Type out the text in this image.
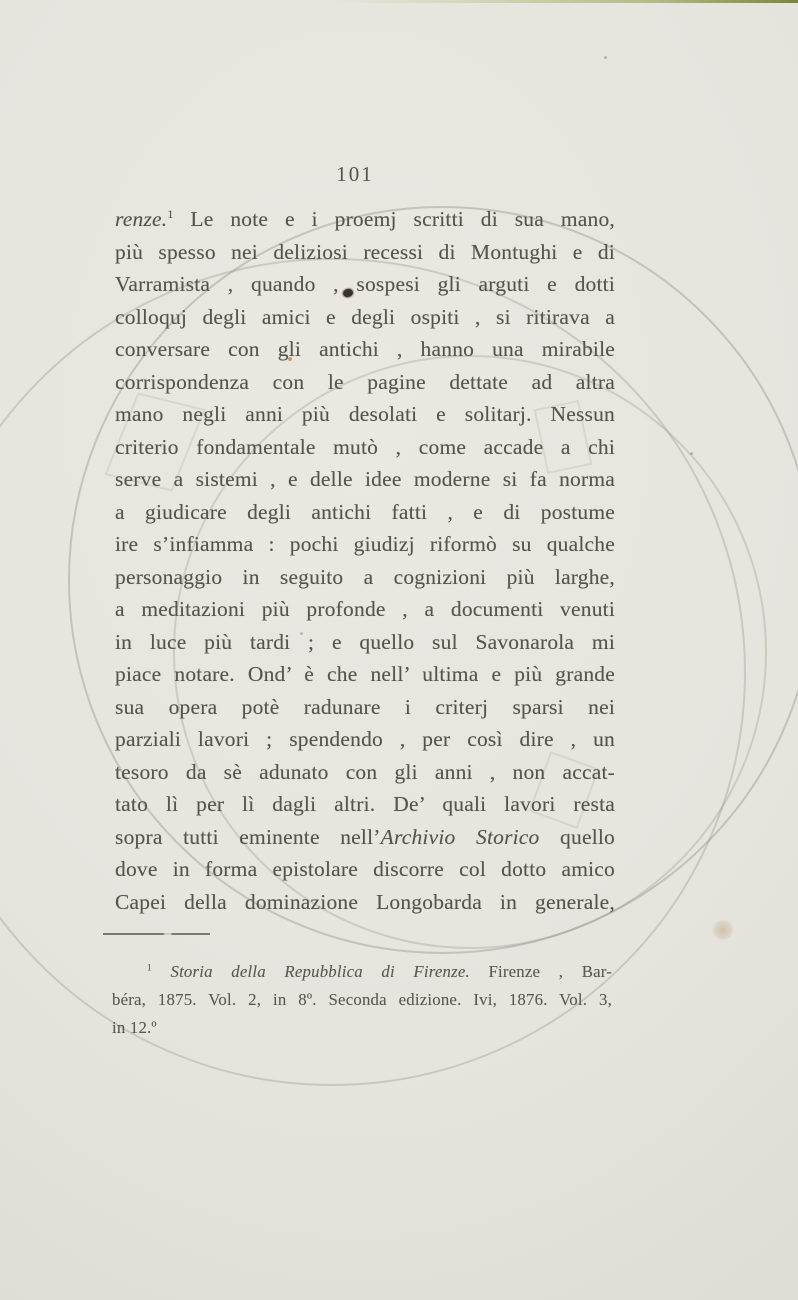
101
renze.$^1$ Le note e i proemj scritti di sua mano,
più spesso nei deliziosi recessi di Montughi e di
Varramista , quando , sospesi gli arguti e dotti
colloquj degli amici e degli ospiti , si ritirava a
conversare con gli antichi , hanno una mirabile
corrispondenza con le pagine dettate ad altra
mano negli anni più desolati e solitarj. Nessun
criterio fondamentale mutò , come accade a chi
serve a sistemi , e delle idee moderne si fa norma
a giudicare degli antichi fatti , e di postume
ire s’infiamma : pochi giudizj riformò su qualche
personaggio in seguito a cognizioni più larghe,
a meditazioni più profonde , a documenti venuti
in luce più tardi ; e quello sul Savonarola mi
piace notare. Ond’ è che nell’ ultima e più grande
sua opera potè radunare i criterj sparsi nei
parziali lavori ; spendendo , per così dire , un
tesoro da sè adunato con gli anni , non accat-
tato lì per lì dagli altri. De’ quali lavori resta
sopra tutti eminente nell’Archivio Storico quello
dove in forma epistolare discorre col dotto amico
Capei della dominazione Longobarda in generale,
$^1$ Storia della Repubblica di Firenze. Firenze , Bar-
béra, 1875. Vol. 2, in 8º. Seconda edizione. Ivi, 1876. Vol. 3,
in 12.º
